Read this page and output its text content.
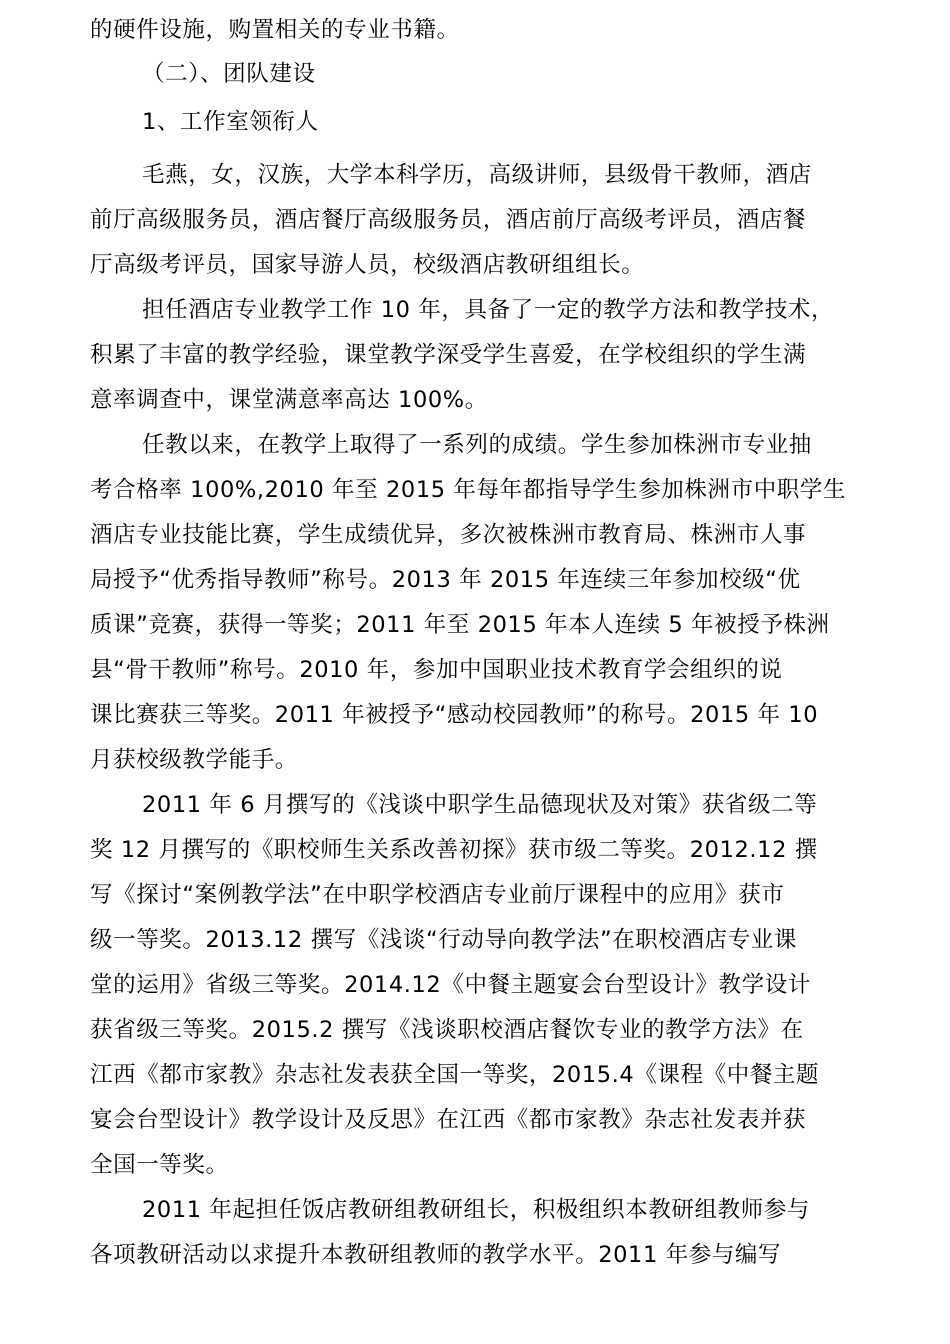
的硬件设施，购置相关的专业书籍。
（二）、团队建设
1、工作室领衔人
毛燕，女，汉族，大学本科学历，高级讲师，县级骨干教师，酒店
前厅高级服务员，酒店餐厅高级服务员，酒店前厅高级考评员，酒店餐
厅高级考评员，国家导游人员，校级酒店教研组组长。
担任酒店专业教学工作 10 年，具备了一定的教学方法和教学技术，
积累了丰富的教学经验，课堂教学深受学生喜爱，在学校组织的学生满
意率调查中，课堂满意率高达 100%。
任教以来，在教学上取得了一系列的成绩。学生参加株洲市专业抽
考合格率 100%,2010 年至 2015 年每年都指导学生参加株洲市中职学生
酒店专业技能比赛，学生成绩优异，多次被株洲市教育局、株洲市人事
局授予“优秀指导教师”称号。2013 年 2015 年连续三年参加校级“优
质课”竞赛，获得一等奖；2011 年至 2015 年本人连续 5 年被授予株洲
县“骨干教师”称号。2010 年，参加中国职业技术教育学会组织的说
课比赛获三等奖。2011 年被授予“感动校园教师”的称号。2015 年 10
月获校级教学能手。
2011 年 6 月撰写的《浅谈中职学生品德现状及对策》获省级二等
奖 12 月撰写的《职校师生关系改善初探》获市级二等奖。2012.12 撰
写《探讨“案例教学法”在中职学校酒店专业前厅课程中的应用》获市
级一等奖。2013.12 撰写《浅谈“行动导向教学法”在职校酒店专业课
堂的运用》省级三等奖。2014.12《中餐主题宴会台型设计》教学设计
获省级三等奖。2015.2 撰写《浅谈职校酒店餐饮专业的教学方法》在
江西《都市家教》杂志社发表获全国一等奖，2015.4《课程《中餐主题
宴会台型设计》教学设计及反思》在江西《都市家教》杂志社发表并获
全国一等奖。
2011 年起担任饭店教研组教研组长，积极组织本教研组教师参与
各项教研活动以求提升本教研组教师的教学水平。2011 年参与编写
